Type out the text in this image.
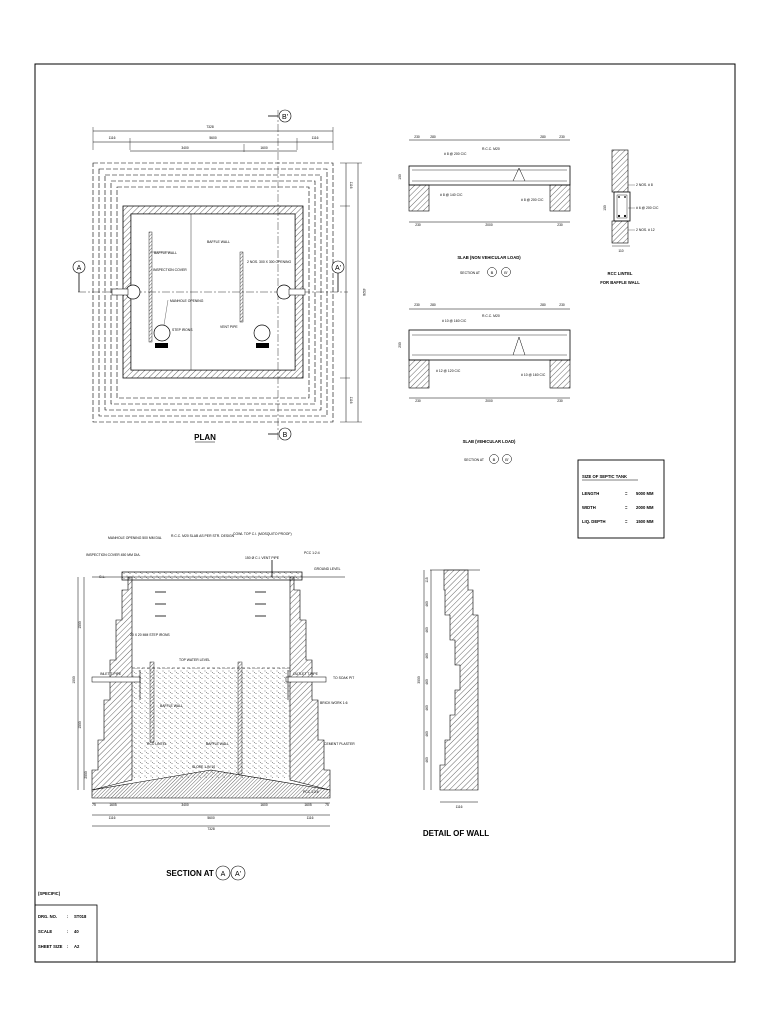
7328
1116	5600	1116
3400	1600
4528
1116
1116
BAFFLE WALL
INSPECTION COVER
MANHOLE OPENING
STEP IRONS
BAFFLE WALL
2 NOS. 300 X 300 OPENING
VENT PIPE
A	A'
B'
B
PLAN
230	280	280	230
100
R.C.C. M20
# 8 @ 200 C/C
# 8 @ 140 C/C
# 8 @ 200 C/C
230	2000	230
SLAB (NON VEHICULAR LOAD)
SECTION AT	B	B'
230	280	280	230
200
R.C.C. M20
# 10 @ 160 C/C
# 12 @ 120 C/C
# 10 @ 160 C/C
230	2000	230
SLAB (VEHICULAR LOAD)
SECTION AT B B'
2 NOS. # 8
# 6 @ 200 C/C
2 NOS. # 12
150
110
RCC LINTEL
FOR BAFFLE WALL
SIZE OF SEPTIC TANK
LENGTH	= 5000 MM
WIDTH	= 2000 MM
LIQ. DEPTH	= 1500 MM
MANHOLE OPENING 500 MM DIA.	R.C.C. M20 SLAB AS PER STR. DESIGN
COWL TOP C.I. (MOSQUITO PROOF)
INSPECTION COVER 450 MM DIA.	PCC 1:2:4
150 Ø C.I. VENT PIPE
GROUND LEVEL
20 X 20 MM STEP IRONS
TOP WATER LEVEL
INLET T-PIPE	OUTLET T-PIPE
TO SOAK PIT
BAFFLE WALL
BRICK WORK 1:6
RCC LINTEL	BAFFLE WALL	CEMENT PLASTER
PCC 1:3:6
SLOPE 1 IN 10
G.L.
1500
1500
1000
2000
75	1605	3400	1600	1605	75
1116	5600	1116
7328
SECTION AT A A'
115
460
460
460
460
460
460
460
3000
1116
DETAIL OF WALL
(SPECIFIC)
DRG. NO. : ST018
SCALE	: 40
SHEET SIZE : A2
